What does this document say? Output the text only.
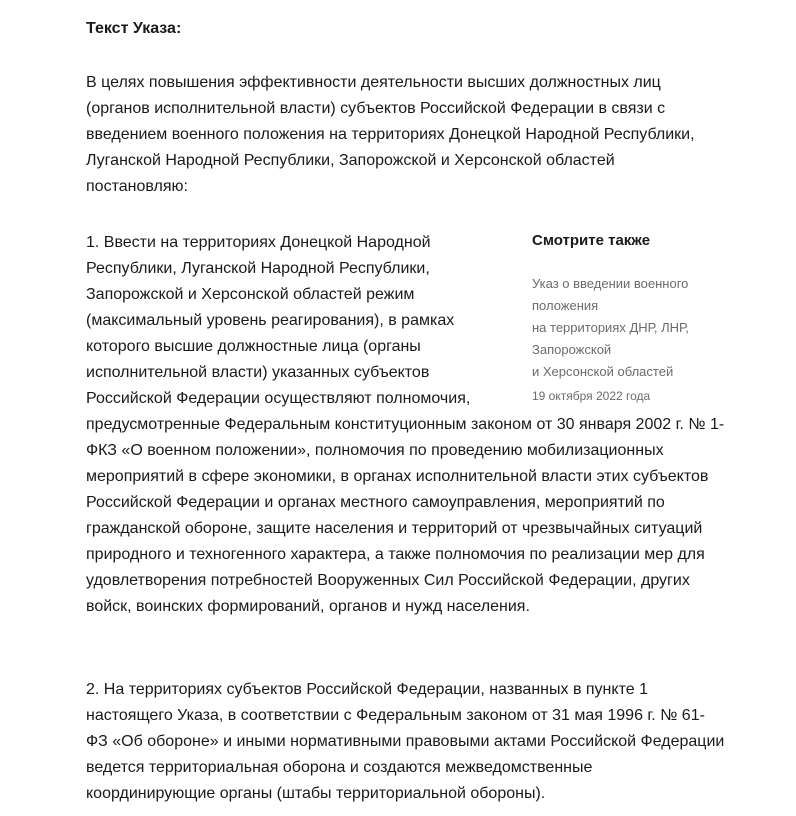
Текст Указа:

В целях повышения эффективности деятельности высших должностных лиц (органов исполнительной власти) субъектов Российской Федерации в связи с введением военного положения на территориях Донецкой Народной Республики, Луганской Народной Республики, Запорожской и Херсонской областей постановляю:

Смотрите также
Указ о введении военного положения
на территориях ДНР, ЛНР, Запорожской
и Херсонской областей
19 октября 2022 года

1. Ввести на территориях Донецкой Народной Республики, Луганской Народной Республики, Запорожской и Херсонской областей режим (максимальный уровень реагирования), в рамках которого высшие должностные лица (органы исполнительной власти) указанных субъектов Российской Федерации осуществляют полномочия, предусмотренные Федеральным конституционным законом от 30 января 2002 г. № 1-ФКЗ «О военном положении», полномочия по проведению мобилизационных мероприятий в сфере экономики, в органах исполнительной власти этих субъектов Российской Федерации и органах местного самоуправления, мероприятий по гражданской обороне, защите населения и территорий от чрезвычайных ситуаций природного и техногенного характера, а также полномочия по реализации мер для удовлетворения потребностей Вооруженных Сил Российской Федерации, других войск, воинских формирований, органов и нужд населения.

2. На территориях субъектов Российской Федерации, названных в пункте 1 настоящего Указа, в соответствии с Федеральным законом от 31 мая 1996 г. № 61-ФЗ «Об обороне» и иными нормативными правовыми актами Российской Федерации ведется территориальная оборона и создаются межведомственные координирующие органы (штабы территориальной обороны).
